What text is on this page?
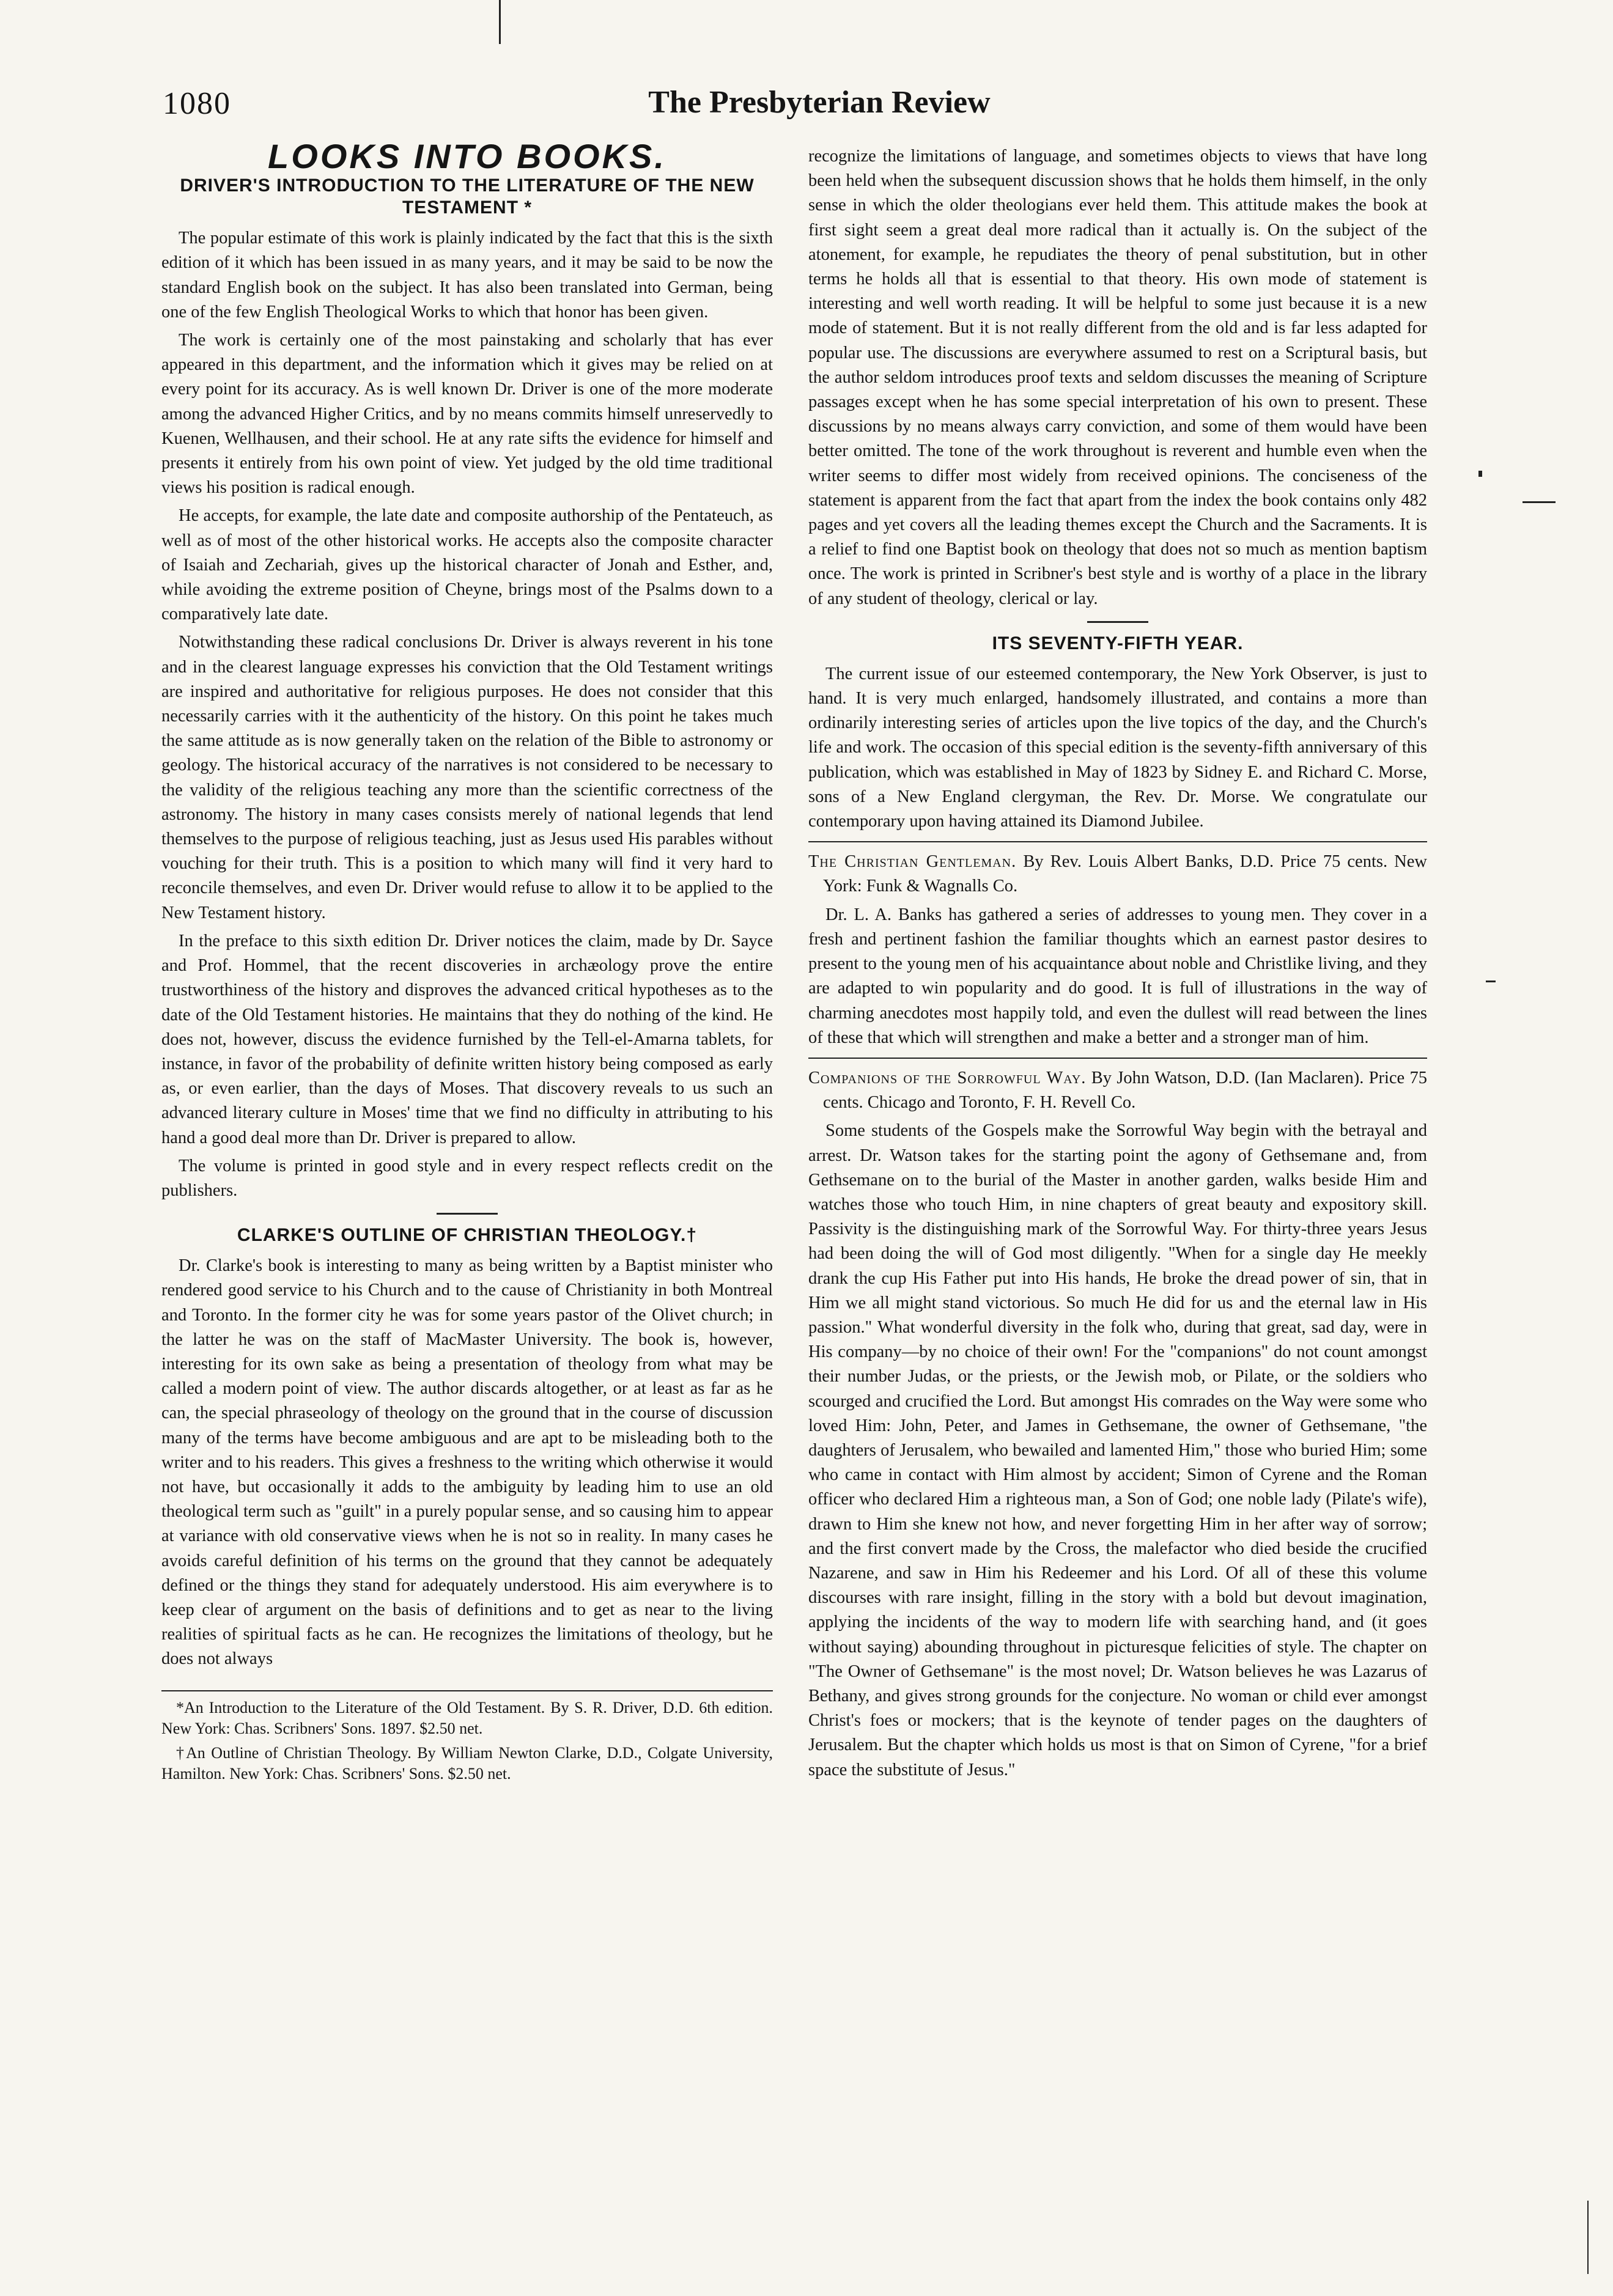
1080	The Presbyterian Review
LOOKS INTO BOOKS.
DRIVER'S INTRODUCTION TO THE LITERATURE OF THE NEW TESTAMENT *

The popular estimate of this work is plainly indicated by the fact that this is the sixth edition of it which has been issued in as many years, and it may be said to be now the standard English book on the subject. It has also been translated into German, being one of the few English Theological Works to which that honor has been given.

The work is certainly one of the most painstaking and scholarly that has ever appeared in this department, and the information which it gives may be relied on at every point for its accuracy. As is well known Dr. Driver is one of the more moderate among the advanced Higher Critics, and by no means commits himself unreservedly to Kuenen, Wellhausen, and their school. He at any rate sifts the evidence for himself and presents it entirely from his own point of view. Yet judged by the old time traditional views his position is radical enough.

He accepts, for example, the late date and composite authorship of the Pentateuch, as well as of most of the other historical works. He accepts also the composite character of Isaiah and Zechariah, gives up the historical character of Jonah and Esther, and, while avoiding the extreme position of Cheyne, brings most of the Psalms down to a comparatively late date.

Notwithstanding these radical conclusions Dr. Driver is always reverent in his tone and in the clearest language expresses his conviction that the Old Testament writings are inspired and authoritative for religious purposes. He does not consider that this necessarily carries with it the authenticity of the history. On this point he takes much the same attitude as is now generally taken on the relation of the Bible to astronomy or geology. The historical accuracy of the narratives is not considered to be necessary to the validity of the religious teaching any more than the scientific correctness of the astronomy. The history in many cases consists merely of national legends that lend themselves to the purpose of religious teaching, just as Jesus used His parables without vouching for their truth. This is a position to which many will find it very hard to reconcile themselves, and even Dr. Driver would refuse to allow it to be applied to the New Testament history.

In the preface to this sixth edition Dr. Driver notices the claim, made by Dr. Sayce and Prof. Hommel, that the recent discoveries in archæology prove the entire trustworthiness of the history and disproves the advanced critical hypotheses as to the date of the Old Testament histories. He maintains that they do nothing of the kind. He does not, however, discuss the evidence furnished by the Tell-el-Amarna tablets, for instance, in favor of the probability of definite written history being composed as early as, or even earlier, than the days of Moses. That discovery reveals to us such an advanced literary culture in Moses' time that we find no difficulty in attributing to his hand a good deal more than Dr. Driver is prepared to allow.

The volume is printed in good style and in every respect reflects credit on the publishers.

CLARKE'S OUTLINE OF CHRISTIAN THEOLOGY.†

Dr. Clarke's book is interesting to many as being written by a Baptist minister who rendered good service to his Church and to the cause of Christianity in both Montreal and Toronto. In the former city he was for some years pastor of the Olivet church; in the latter he was on the staff of MacMaster University. The book is, however, interesting for its own sake as being a presentation of theology from what may be called a modern point of view. The author discards altogether, or at least as far as he can, the special phraseology of theology on the ground that in the course of discussion many of the terms have become ambiguous and are apt to be misleading both to the writer and to his readers. This gives a freshness to the writing which otherwise it would not have, but occasionally it adds to the ambiguity by leading him to use an old theological term such as "guilt" in a purely popular sense, and so causing him to appear at variance with old conservative views when he is not so in reality. In many cases he avoids careful definition of his terms on the ground that they cannot be adequately defined or the things they stand for adequately understood. His aim everywhere is to keep clear of argument on the basis of definitions and to get as near to the living realities of spiritual facts as he can. He recognizes the limitations of theology, but he does not always

*An Introduction to the Literature of the Old Testament. By S. R. Driver, D.D. 6th edition. New York: Chas. Scribners' Sons. 1897. $2.50 net.

†An Outline of Christian Theology. By William Newton Clarke, D.D., Colgate University, Hamilton. New York: Chas. Scribners' Sons. $2.50 net.

recognize the limitations of language, and sometimes objects to views that have long been held when the subsequent discussion shows that he holds them himself, in the only sense in which the older theologians ever held them. This attitude makes the book at first sight seem a great deal more radical than it actually is. On the subject of the atonement, for example, he repudiates the theory of penal substitution, but in other terms he holds all that is essential to that theory. His own mode of statement is interesting and well worth reading. It will be helpful to some just because it is a new mode of statement. But it is not really different from the old and is far less adapted for popular use. The discussions are everywhere assumed to rest on a Scriptural basis, but the author seldom introduces proof texts and seldom discusses the meaning of Scripture passages except when he has some special interpretation of his own to present. These discussions by no means always carry conviction, and some of them would have been better omitted. The tone of the work throughout is reverent and humble even when the writer seems to differ most widely from received opinions. The conciseness of the statement is apparent from the fact that apart from the index the book contains only 482 pages and yet covers all the leading themes except the Church and the Sacraments. It is a relief to find one Baptist book on theology that does not so much as mention baptism once. The work is printed in Scribner's best style and is worthy of a place in the library of any student of theology, clerical or lay.

ITS SEVENTY-FIFTH YEAR.

The current issue of our esteemed contemporary, the New York Observer, is just to hand. It is very much enlarged, handsomely illustrated, and contains a more than ordinarily interesting series of articles upon the live topics of the day, and the Church's life and work. The occasion of this special edition is the seventy-fifth anniversary of this publication, which was established in May of 1823 by Sidney E. and Richard C. Morse, sons of a New England clergyman, the Rev. Dr. Morse. We congratulate our contemporary upon having attained its Diamond Jubilee.

The Christian Gentleman. By Rev. Louis Albert Banks, D.D. Price 75 cents. New York: Funk & Wagnalls Co.

Dr. L. A. Banks has gathered a series of addresses to young men. They cover in a fresh and pertinent fashion the familiar thoughts which an earnest pastor desires to present to the young men of his acquaintance about noble and Christlike living, and they are adapted to win popularity and do good. It is full of illustrations in the way of charming anecdotes most happily told, and even the dullest will read between the lines of these that which will strengthen and make a better and a stronger man of him.

Companions of the Sorrowful Way. By John Watson, D.D. (Ian Maclaren). Price 75 cents. Chicago and Toronto, F. H. Revell Co.

Some students of the Gospels make the Sorrowful Way begin with the betrayal and arrest. Dr. Watson takes for the starting point the agony of Gethsemane and, from Gethsemane on to the burial of the Master in another garden, walks beside Him and watches those who touch Him, in nine chapters of great beauty and expository skill. Passivity is the distinguishing mark of the Sorrowful Way. For thirty-three years Jesus had been doing the will of God most diligently. "When for a single day He meekly drank the cup His Father put into His hands, He broke the dread power of sin, that in Him we all might stand victorious. So much He did for us and the eternal law in His passion." What wonderful diversity in the folk who, during that great, sad day, were in His company—by no choice of their own! For the "companions" do not count amongst their number Judas, or the priests, or the Jewish mob, or Pilate, or the soldiers who scourged and crucified the Lord. But amongst His comrades on the Way were some who loved Him: John, Peter, and James in Gethsemane, the owner of Gethsemane, "the daughters of Jerusalem, who bewailed and lamented Him," those who buried Him; some who came in contact with Him almost by accident; Simon of Cyrene and the Roman officer who declared Him a righteous man, a Son of God; one noble lady (Pilate's wife), drawn to Him she knew not how, and never forgetting Him in her after way of sorrow; and the first convert made by the Cross, the malefactor who died beside the crucified Nazarene, and saw in Him his Redeemer and his Lord. Of all of these this volume discourses with rare insight, filling in the story with a bold but devout imagination, applying the incidents of the way to modern life with searching hand, and (it goes without saying) abounding throughout in picturesque felicities of style. The chapter on "The Owner of Gethsemane" is the most novel; Dr. Watson believes he was Lazarus of Bethany, and gives strong grounds for the conjecture. No woman or child ever amongst Christ's foes or mockers; that is the keynote of tender pages on the daughters of Jerusalem. But the chapter which holds us most is that on Simon of Cyrene, "for a brief space the substitute of Jesus."
